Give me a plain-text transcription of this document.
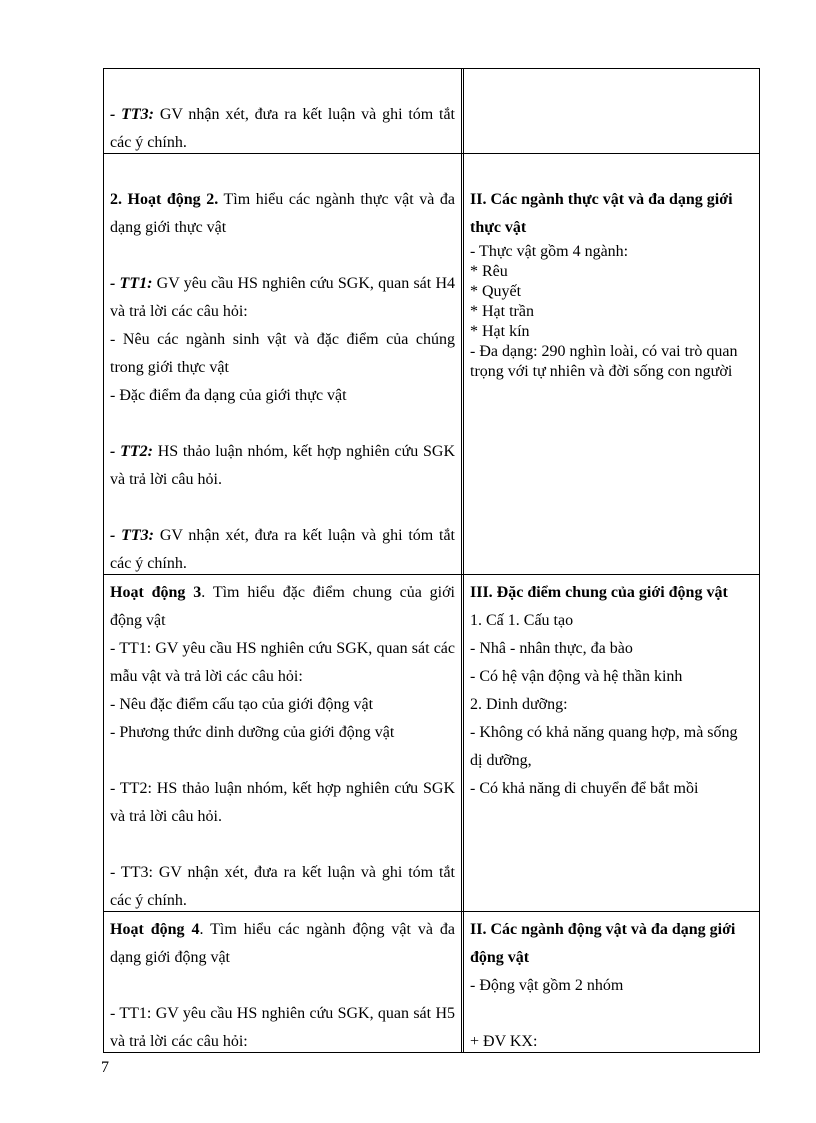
- TT3: GV nhận xét, đưa ra kết luận và ghi tóm tắt các ý chính.

2. Hoạt động 2. Tìm hiểu các ngành thực vật và đa dạng giới thực vật

- TT1: GV yêu cầu HS nghiên cứu SGK, quan sát H4 và trả lời các câu hỏi:

- Nêu các ngành sinh vật và đặc điểm của chúng trong giới thực vật

- Đặc điểm đa dạng của giới thực vật

- TT2: HS thảo luận nhóm, kết hợp nghiên cứu SGK và trả lời câu hỏi.

- TT3: GV nhận xét, đưa ra kết luận và ghi tóm tắt các ý chính.

II. Các ngành thực vật và đa dạng giới thực vật

- Thực vật gồm 4 ngành:

* Rêu

* Quyết

* Hạt trần

* Hạt kín

- Đa dạng: 290 nghìn loài, có vai trò quan trọng với tự nhiên và đời sống con người

Hoạt động 3. Tìm hiểu đặc điểm chung của giới động vật

- TT1: GV yêu cầu HS nghiên cứu SGK, quan sát các mẫu vật và trả lời các câu hỏi:

- Nêu đặc điểm cấu tạo của giới động vật

- Phương thức dinh dưỡng của giới động vật

- TT2: HS thảo luận nhóm, kết hợp nghiên cứu SGK và trả lời câu hỏi.

- TT3: GV nhận xét, đưa ra kết luận và ghi tóm tắt các ý chính.

III. Đặc điểm chung của giới động vật

1. Cấ 1. Cấu tạo

- Nhâ - nhân thực, đa bào

- Có hệ vận động và hệ thần kinh

2. Dinh dưỡng:

- Không có khả năng quang hợp, mà sống dị dưỡng,

- Có khả năng di chuyển để bắt mồi

Hoạt động 4. Tìm hiểu các ngành động vật và đa dạng giới động vật

- TT1: GV yêu cầu HS nghiên cứu SGK, quan sát H5 và trả lời các câu hỏi:

II. Các ngành động vật và đa dạng giới động vật

- Động vật gồm 2 nhóm

+ ĐV KX:

7
